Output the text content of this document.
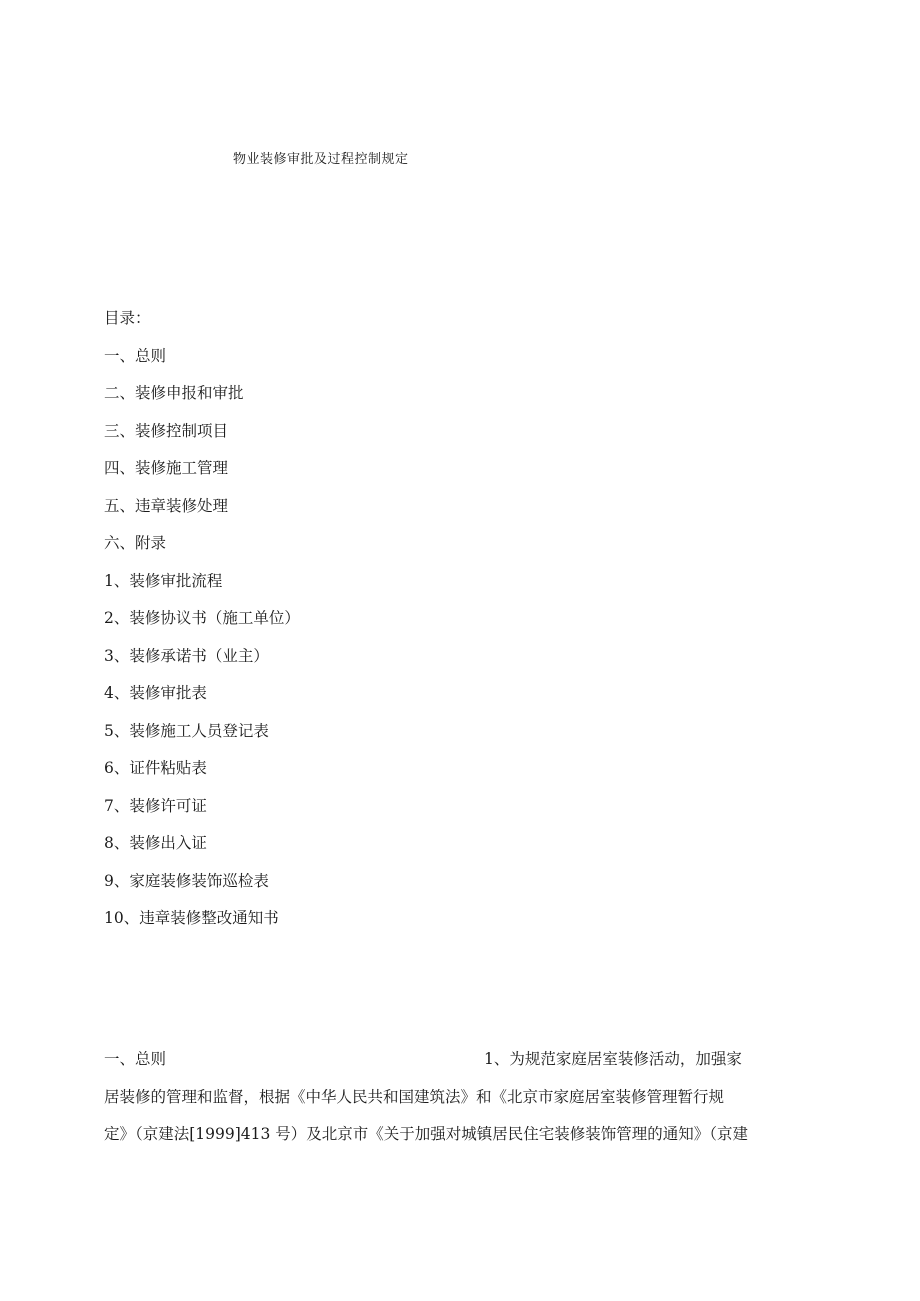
物业装修审批及过程控制规定
目录：
一、总则
二、装修申报和审批
三、装修控制项目
四、装修施工管理
五、违章装修处理
六、附录
1、装修审批流程
2、装修协议书（施工单位）
3、装修承诺书（业主）
4、装修审批表
5、装修施工人员登记表
6、证件粘贴表
7、装修许可证
8、装修出入证
9、家庭装修装饰巡检表
10、违章装修整改通知书
一、总则	1、为规范家庭居室装修活动，加强家
居装修的管理和监督，根据《中华人民共和国建筑法》和《北京市家庭居室装修管理暂行规
定》（京建法[1999]413 号）及北京市《关于加强对城镇居民住宅装修装饰管理的通知》（京建
